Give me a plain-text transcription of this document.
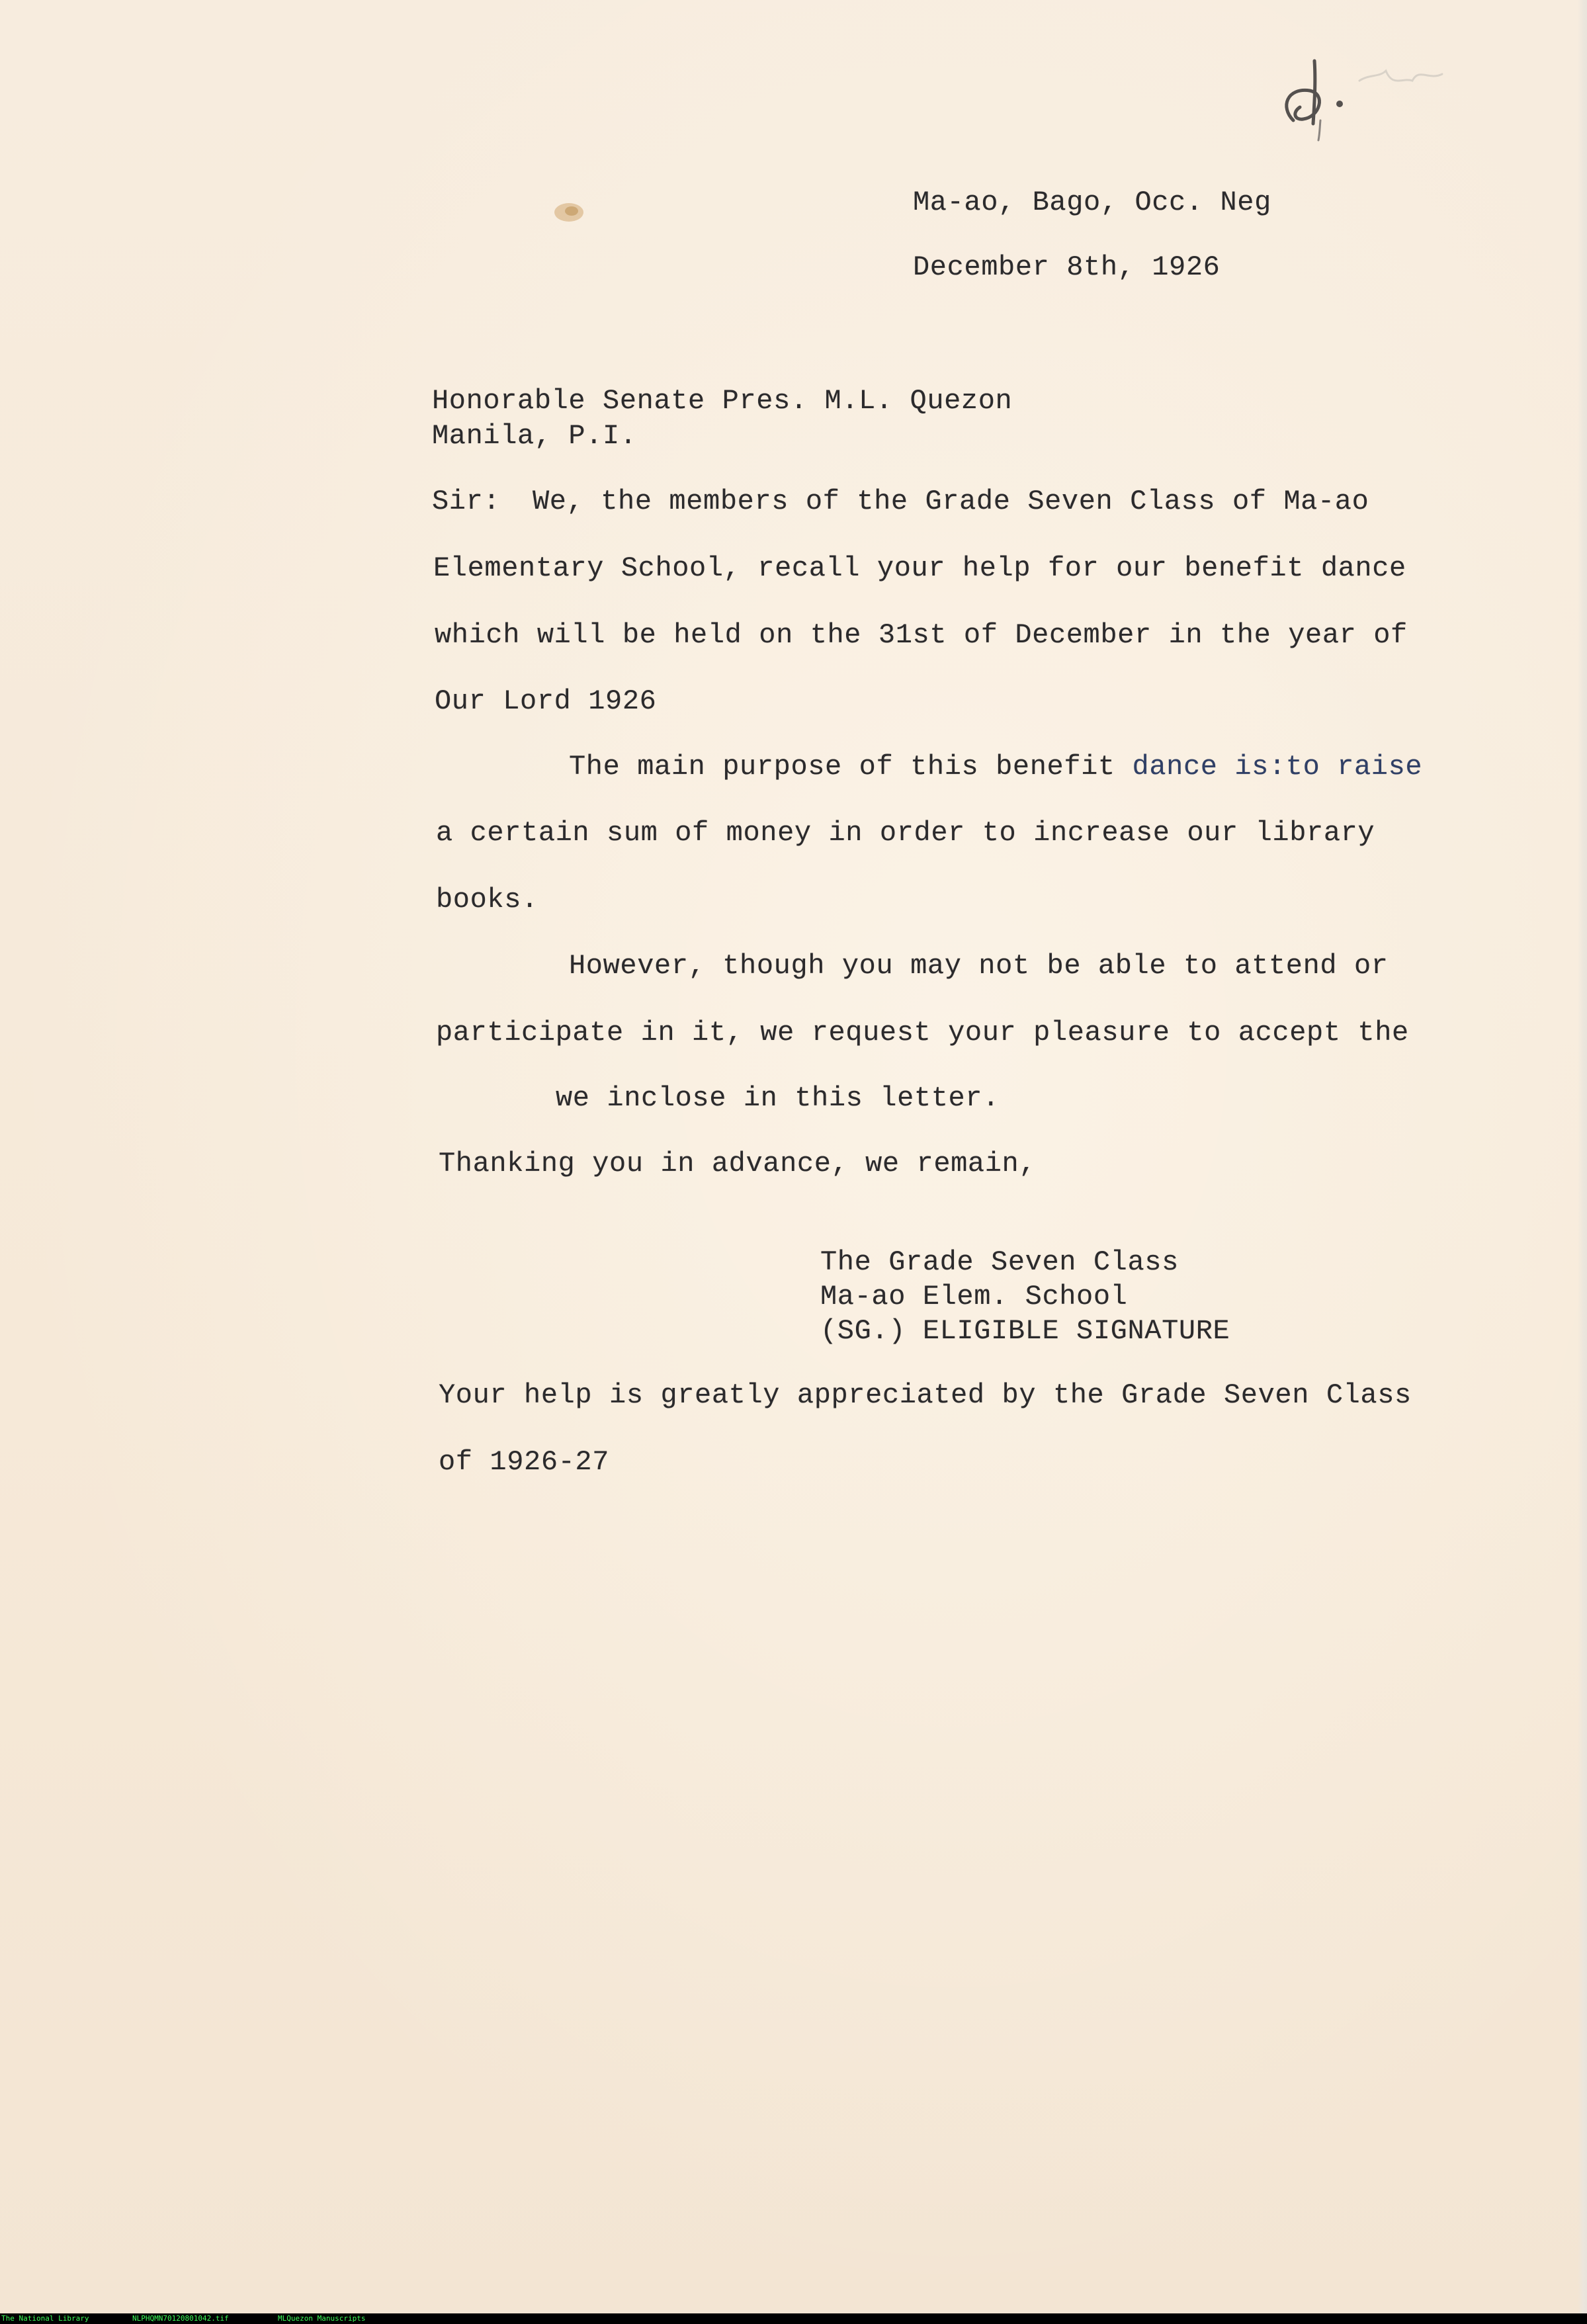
Ma-ao, Bago, Occ. Neg
December 8th, 1926
Honorable Senate Pres. M.L. Quezon
Manila, P.I.
Sir: We, the members of the Grade Seven Class of Ma-ao
Elementary School, recall your help for our benefit dance
which will be held on the 31st of December in the year of
Our Lord 1926
The main purpose of this benefit dance is:to raise
a certain sum of money in order to increase our library
books.
However, though you may not be able to attend or
participate in it, we request your pleasure to accept the
we inclose in this letter.
Thanking you in advance, we remain,
The Grade Seven Class
Ma-ao Elem. School
(SG.) ELIGIBLE SIGNATURE
Your help is greatly appreciated by the Grade Seven Class
of 1926-27
The National Library	NLPHQMN70120801042.tif	MLQuezon Manuscripts
